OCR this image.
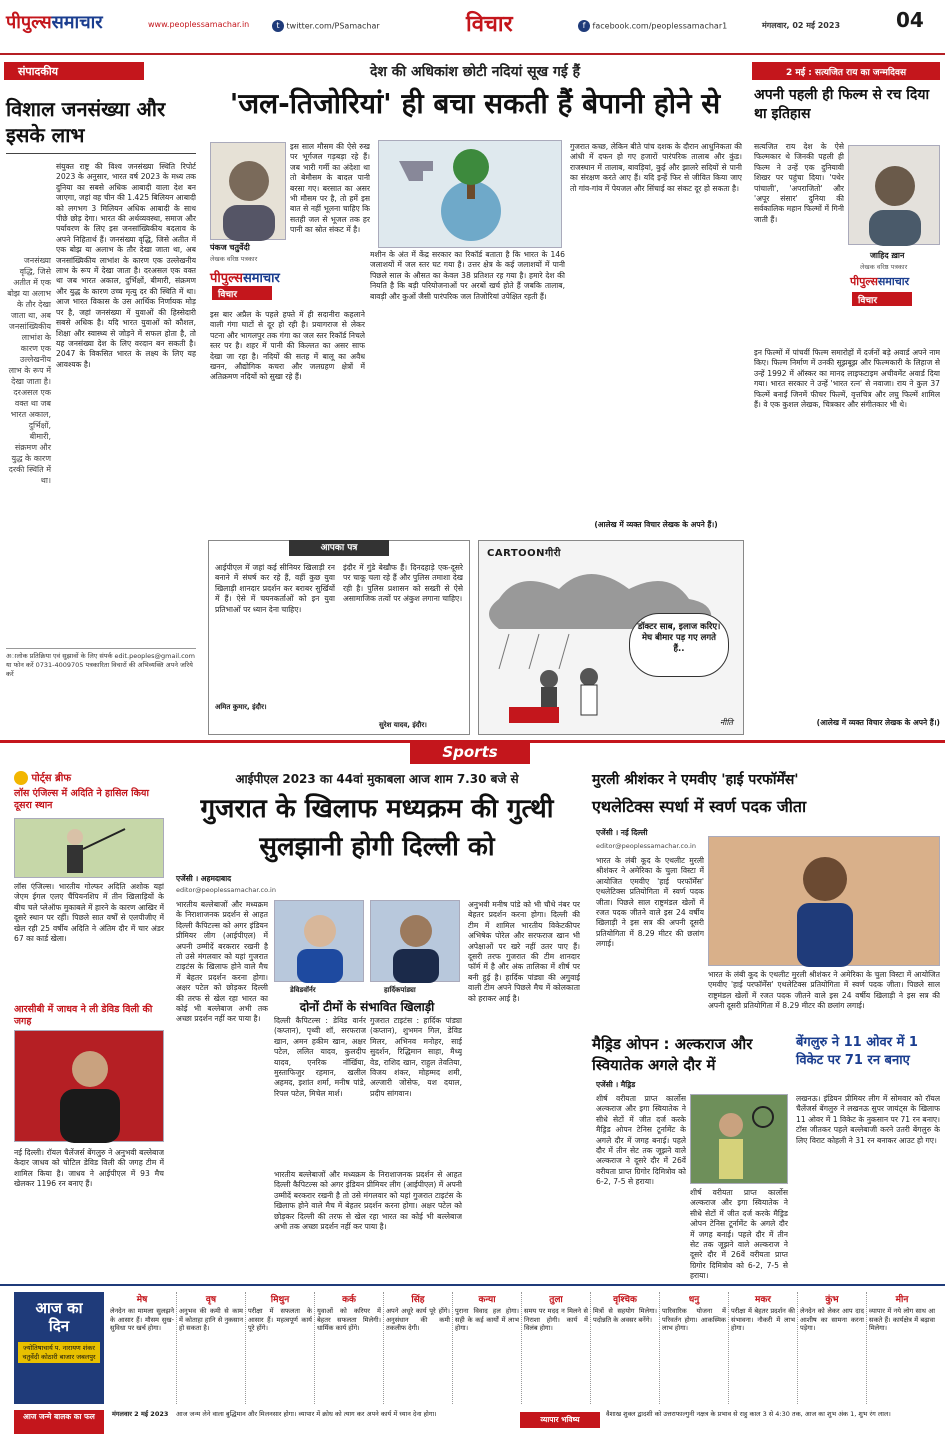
पीपुल्ससमाचार	www.peoplessamachar.in	t twitter.com/PSamachar	विचार	f facebook.com/peoplessamachar1	मंगलवार, 02 मई 2023	04
संपादकीय
विशाल जनसंख्या और इसके लाभ
जनसंख्या वृद्धि, जिसे अतीत में एक बोझ या अलाभ के तौर देखा जाता था, अब जनसांख्यिकीय लाभांश के कारण एक उल्लेखनीय लाभ के रूप में देखा जाता है। दरअसल एक वक्त था जब भारत अकाल, दुर्भिक्षों, बीमारी, संक्रमण और युद्ध के कारण दरकी स्थिति में था।
संयुक्त राष्ट्र की विश्व जनसंख्या स्थिति रिपोर्ट 2023 के अनुसार, भारत वर्ष 2023 के मध्य तक दुनिया का सबसे अधिक आबादी वाला देश बन जाएगा, जहां वह चीन की 1.425 बिलियन आबादी को लगभग 3 मिलियन अधिक आबादी के साथ पीछे छोड़ देगा। भारत की अर्थव्यवस्था, समाज और पर्यावरण के लिए इस जनसांख्यिकीय बदलाव के अपने निहितार्थ हैं। जनसंख्या वृद्धि, जिसे अतीत में एक बोझ या अलाभ के तौर देखा जाता था, अब जनसांख्यिकीय लाभांश के कारण एक उल्लेखनीय लाभ के रूप में देखा जाता है। दरअसल एक वक्त था जब भारत अकाल, दुर्भिक्षों, बीमारी, संक्रमण और युद्ध के कारण उच्च मृत्यु दर की स्थिति में था। आज भारत विकास के उस आर्थिक निर्णायक मोड़ पर है, जहां जनसंख्या में युवाओं की हिस्सेदारी सबसे अधिक है। यदि भारत युवाओं को कौशल, शिक्षा और स्वास्थ्य से जोड़ने में सफल होता है, तो यह जनसंख्या देश के लिए वरदान बन सकती है। 2047 के विकसित भारत के लक्ष्य के लिए यह आवश्यक है।
अालोक प्रतिक्रिया एवं सुझावों के लिए संपर्क edit.peoples@gmail.com या फोन करें 0731-4009705 पत्रकारिता विचारों की अभिव्यक्ति अपने जरिये करें
देश की अधिकांश छोटी नदियां सूख गई हैं
'जल-तिजोरियां' ही बचा सकती हैं बेपानी होने से
पंकज चतुर्वेदी
लेखक वरिष्ठ पत्रकार
पीपुल्ससमाचार
विचार
इस साल मौसम की ऐसे रुख पर भूर्गजल गड़बड़ा रहे हैं। जब भारी गर्मी का अंदेशा था तो बेमौसम के बादल पानी बरसा गए। बरसात का असर भी मौसम पर है, तो हमें इस बात से नहीं भूलना चाहिए कि सतही जल से भूजल तक हर पानी का स्रोत संकट में है।
इस बार अप्रैल के पहले हफ्ते में ही सदानीरा कहलाने वाली गंगा घाटों से दूर हो रही है। प्रयागराज से लेकर पटना और भागलपुर तक गंगा का जल स्तर रिकॉर्ड निचले स्तर पर है। शहर में पानी की किल्लत का असर साफ देखा जा रहा है। नदियों की सतह में बालू का अवैध खनन, औद्योगिक कचरा और जलग्रहण क्षेत्रों में अतिक्रमण नदियों को सुखा रहे हैं।
मशीन के अंत में केंद्र सरकार का रिकॉर्ड बताता है कि भारत के 146 जलाशयों में जल स्तर घट गया है। उत्तर क्षेत्र के कई जलाशयों में पानी पिछले साल के औसत का केवल 38 प्रतिशत रह गया है। हमारे देश की नियति है कि बड़ी परियोजनाओं पर अरबों खर्च होते हैं जबकि तालाब, बावड़ी और कुओं जैसी पारंपरिक जल तिजोरियां उपेक्षित रहती हैं।
गुजरात कच्छ, लेकिन बीते पांच दशक के दौरान आधुनिकता की आंधी में दफन हो गए हजारों पारंपरिक तालाब और कुंड। राजस्थान में तालाब, बावड़ियां, कुई और झालरे सदियों से पानी का संरक्षण करते आए हैं। यदि इन्हें फिर से जीवित किया जाए तो गांव-गांव में पेयजल और सिंचाई का संकट दूर हो सकता है।
(आलेख में व्यक्त विचार लेखक के अपने हैं।)
आपका पत्र
आईपीएल में जहां कई सीनियर खिलाड़ी रन बनाने में संघर्ष कर रहे हैं, वहीं कुछ युवा खिलाड़ी शानदार प्रदर्शन कर बराबर सुर्खियों में हैं। ऐसे में चयनकर्ताओं को इन युवा प्रतिभाओं पर ध्यान देना चाहिए।
अमित कुमार, इंदौर।
इंदौर में गुंडे बेखौफ हैं। दिनदहाड़े एक-दूसरे पर चाकू चला रहे हैं और पुलिस तमाशा देख रही है। पुलिस प्रशासन को सख्ती से ऐसे असामाजिक तत्वों पर अंकुश लगाना चाहिए।
सुरेश यादव, इंदौर।
CARTOONगीरी
डॉक्टर साब, इलाज करिए। मेघ बीमार पड़ गए लगते हैं..
नीति
2 मई : सत्यजित राय का जन्मदिवस
अपनी पहली ही फिल्म से रच दिया था इतिहास
सत्यजित राय देश के ऐसे फिल्मकार थे जिनकी पहली ही फिल्म ने उन्हें एक दुनियावी शिखर पर पहुंचा दिया। 'पथेर पांचाली', 'अपराजितो' और 'अपूर संसार' दुनिया की सर्वकालिक महान फिल्मों में गिनी जाती हैं।
जाहिद ख़ान
लेखक वरिष्ठ पत्रकार
पीपुल्ससमाचार
विचार
इन फिल्मों में पांचवीं फिल्म समारोहों में दर्जनों बड़े अवार्ड अपने नाम किए। फिल्म निर्माण में उनकी सूझबूझ और फिल्मकारी के लिहाज से उन्हें 1992 में ऑस्कर का मानद लाइफटाइम अचीवमेंट अवार्ड दिया गया। भारत सरकार ने उन्हें 'भारत रत्न' से नवाजा। राय ने कुल 37 फिल्में बनाईं जिनमें फीचर फिल्में, वृत्तचित्र और लघु फिल्में शामिल हैं। वे एक कुशल लेखक, चित्रकार और संगीतकार भी थे।
(आलेख में व्यक्त विचार लेखक के अपने हैं।)
Sports
पोर्ट्स ब्रीफ
लॉस एंजिल्स में अदिति ने हासिल किया दूसरा स्थान
लॉस एंजिल्स। भारतीय गोल्फर अदिति अशोक यहां जेएम ईगल एलए चैंपियनशिप में तीन खिलाड़ियों के बीच चले प्लेऑफ मुकाबले में हारने के कारण आखिर में दूसरे स्थान पर रहीं। पिछले सात वर्षों से एलपीजीए में खेल रही 25 वर्षीय अदिति ने अंतिम दौर में चार अंडर 67 का कार्ड खेला।
आरसीबी में जाधव ने ली डेविड विली की जगह
नई दिल्ली। रॉयल चैलेंजर्स बेंगलुरु ने अनुभवी बल्लेबाज केदार जाधव को चोटिल डेविड विली की जगह टीम में शामिल किया है। जाधव ने आईपीएल में 93 मैच खेलकर 1196 रन बनाए हैं।
आईपीएल 2023 का 44वां मुकाबला आज शाम 7.30 बजे से
गुजरात के खिलाफ मध्यक्रम की गुत्थी सुलझानी होगी दिल्ली को
एजेंसी । अहमदाबाद
editor@peoplessamachar.co.in
भारतीय बल्लेबाजों और मध्यक्रम के निराशाजनक प्रदर्शन से आहत दिल्ली कैपिटल्स को अगर इंडियन प्रीमियर लीग (आईपीएल) में अपनी उम्मीदें बरकरार रखनी है तो उसे मंगलवार को यहां गुजरात टाइटंस के खिलाफ होने वाले मैच में बेहतर प्रदर्शन करना होगा। अक्षर पटेल को छोड़कर दिल्ली की तरफ से खेल रहा भारत का कोई भी बल्लेबाज अभी तक अच्छा प्रदर्शन नहीं कर पाया है।
डेविडवॉर्नर	हार्दिकपांड्या
दोनों टीमों के संभावित खिलाड़ी
दिल्ली कैपिटल्स : डेविड वार्नर (कप्तान), पृथ्वी शॉ, सरफराज खान, अमन हकीम खान, अक्षर पटेल, ललित यादव, कुलदीप यादव, एनरिक नॉर्खिया, मुस्ताफिजुर रहमान, खलील अहमद, इशांत शर्मा, मनीष पांडे, रिपल पटेल, मिचेल मार्श।
गुजरात टाइटंस : हार्दिक पांड्या (कप्तान), शुभमन गिल, डेविड मिलर, अभिनव मनोहर, साई सुदर्शन, रिद्धिमान साहा, मैथ्यू वेड, राशिद खान, राहुल तेवतिया, विजय शंकर, मोहम्मद शमी, अल्जारी जोसेफ, यश दयाल, प्रदीप सांगवान।
भारतीय बल्लेबाजों और मध्यक्रम के निराशाजनक प्रदर्शन से आहत दिल्ली कैपिटल्स को अगर इंडियन प्रीमियर लीग (आईपीएल) में अपनी उम्मीदें बरकरार रखनी है तो उसे मंगलवार को यहां गुजरात टाइटंस के खिलाफ होने वाले मैच में बेहतर प्रदर्शन करना होगा। अक्षर पटेल को छोड़कर दिल्ली की तरफ से खेल रहा भारत का कोई भी बल्लेबाज अभी तक अच्छा प्रदर्शन नहीं कर पाया है।
अनुभवी मनीष पांडे को भी चौथे नंबर पर बेहतर प्रदर्शन करना होगा। दिल्ली की टीम में शामिल भारतीय विकेटकीपर अभिषेक पोरेल और सरफराज खान भी अपेक्षाओं पर खरे नहीं उतर पाए हैं। दूसरी तरफ गुजरात की टीम शानदार फॉर्म में है और अंक तालिका में शीर्ष पर बनी हुई है। हार्दिक पांड्या की अगुवाई वाली टीम अपने पिछले मैच में कोलकाता को हराकर आई है।
मुरली श्रीशंकर ने एमवीए 'हाई परफॉर्मेंस'
एथलेटिक्स स्पर्धा में स्वर्ण पदक जीता
एजेंसी । नई दिल्ली
editor@peoplessamachar.co.in
भारत के लंबी कूद के एथलीट मुरली श्रीशंकर ने अमेरिका के चुला विस्टा में आयोजित एमवीए 'हाई परफॉर्मेंस' एथलेटिक्स प्रतियोगिता में स्वर्ण पदक जीता। पिछले साल राष्ट्रमंडल खेलों में रजत पदक जीतने वाले इस 24 वर्षीय खिलाड़ी ने इस सत्र की अपनी दूसरी प्रतियोगिता में 8.29 मीटर की छलांग लगाई।
भारत के लंबी कूद के एथलीट मुरली श्रीशंकर ने अमेरिका के चुला विस्टा में आयोजित एमवीए 'हाई परफॉर्मेंस' एथलेटिक्स प्रतियोगिता में स्वर्ण पदक जीता। पिछले साल राष्ट्रमंडल खेलों में रजत पदक जीतने वाले इस 24 वर्षीय खिलाड़ी ने इस सत्र की अपनी दूसरी प्रतियोगिता में 8.29 मीटर की छलांग लगाई।
मैड्रिड ओपन : अल्कराज और स्वियातेक अगले दौर में
एजेंसी । मैड्रिड
शीर्ष वरीयता प्राप्त कार्लोस अल्कराज और इगा स्वियातेक ने सीधे सेटों में जीत दर्ज करके मैड्रिड ओपन टेनिस टूर्नामेंट के अगले दौर में जगह बनाई। पहले दौर में तीन सेट तक जूझने वाले अल्कराज ने दूसरे दौर में 26वें वरीयता प्राप्त ग्रिगोर दिमित्रोव को 6-2, 7-5 से हराया।
शीर्ष वरीयता प्राप्त कार्लोस अल्कराज और इगा स्वियातेक ने सीधे सेटों में जीत दर्ज करके मैड्रिड ओपन टेनिस टूर्नामेंट के अगले दौर में जगह बनाई। पहले दौर में तीन सेट तक जूझने वाले अल्कराज ने दूसरे दौर में 26वें वरीयता प्राप्त ग्रिगोर दिमित्रोव को 6-2, 7-5 से हराया।
बेंगलुरु ने 11 ओवर में 1 विकेट पर 71 रन बनाए
लखनऊ। इंडियन प्रीमियर लीग में सोमवार को रॉयल चैलेंजर्स बेंगलुरु ने लखनऊ सुपर जायंट्स के खिलाफ 11 ओवर में 1 विकेट के नुकसान पर 71 रन बनाए। टॉस जीतकर पहले बल्लेबाजी करने उतरी बेंगलुरु के लिए विराट कोहली ने 31 रन बनाकर आउट हो गए।
आज का
दिन
ज्योतिषाचार्य प. नारायण शंकर चतुर्वेदी कोठारी बाजार जबलपुर
आज जन्मे बालक का फल
मेष

लेनदेन का मामला सुलझने के आसार हैं। मौसम सुख-सुविधा पर खर्च होगा।

वृष

अनुभव की कमी से काम में कोताहा हानि से नुकसान हो सकता है।

मिथुन

परीक्षा में सफलता के आसार हैं। महत्वपूर्ण कार्य पूरे होंगे।

कर्क

युवाओं को करियर में बेहतर सफलता मिलेगी। धार्मिक कार्य होंगे।

सिंह

अपने अधूरे कार्य पूरे होंगे। अनुसंधान की कमी तकलीफ देगी।

कन्या

पुराना विवाद हल होगा। सही के कई कार्यों में लाभ होगा।

तुला

समय पर मदद न मिलने से निराशा होगी। कार्य में विलंब होगा।

वृश्चिक

मित्रों से सहयोग मिलेगा। पदोन्नति के अवसर बनेंगे।

धनु

पारिवारिक योजना में परिवर्तन होगा। आकस्मिक लाभ होगा।

मकर

परीक्षा में बेहतर प्रदर्शन की संभावना। नौकरी में लाभ होगा।

कुंभ

लेनदेन को लेकर आप दाद आशीष का सामना करना पड़ेगा।

मीन

व्यापार में नये लोग साथ आ सकते हैं। कार्यक्षेत्र में बढ़ावा मिलेगा।

मंगलवार 2 मई 2023	आज जन्म लेने वाला बुद्धिमान और मिलनसार होगा। व्यापार में क्रोध को त्याग कर अपने कार्य में ध्यान देना होगा।
व्यापार भविष्य
वैशाख शुक्ल द्वादशी को उत्तराफाल्गुनी नक्षत्र के प्रभाव से राहु काल 3 से 4:30 तक, आज का शुभ अंक 1, शुभ रंग लाल।
